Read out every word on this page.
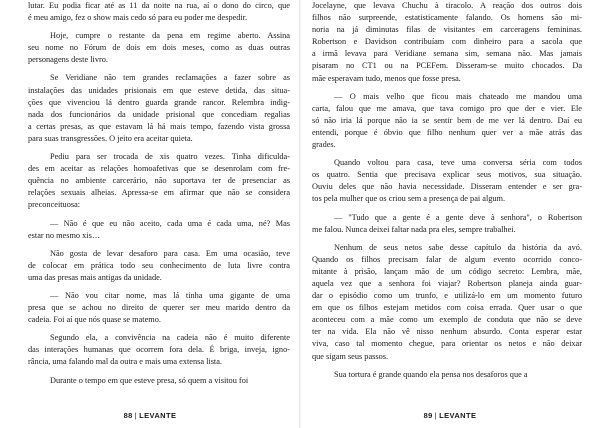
lutar. Eu podia ficar até as 11 da noite na rua, aí o dono do circo, que
é meu amigo, fez o show mais cedo só para eu poder me despedir.
Hoje, cumpre o restante da pena em regime aberto. Assina
seu nome no Fórum de dois em dois meses, como as duas outras
personagens deste livro.
Se Veridiane não tem grandes reclamações a fazer sobre as
instalações das unidades prisionais em que esteve detida, das situa-
ções que vivenciou lá dentro guarda grande rancor. Relembra indig-
nada dos funcionários da unidade prisional que concediam regalias
a certas presas, as que estavam lá há mais tempo, fazendo vista grossa
para suas transgressões. O jeito era aceitar quieta.
Pediu para ser trocada de xis quatro vezes. Tinha dificulda-
des em aceitar as relações homoafetivas que se desenrolam com fre-
quência no ambiente carcerário, não suportava ter de presenciar as
relações sexuais alheias. Apressa-se em afirmar que não se considera
preconceituosa:
— Não é que eu não aceito, cada uma é cada uma, né? Mas
estar no mesmo xis…
Não gosta de levar desaforo para casa. Em uma ocasião, teve
de colocar em prática todo seu conhecimento de luta livre contra
uma das presas mais antigas da unidade.
— Não vou citar nome, mas lá tinha uma gigante de uma
presa que se achou no direito de querer ser meu marido dentro da
cadeia. Foi aí que nós quase se matemo.
Segundo ela, a convivência na cadeia não é muito diferente
das interações humanas que ocorrem fora dela. É briga, inveja, igno-
rância, uma falando mal da outra e mais uma extensa lista.
Durante o tempo em que esteve presa, só quem a visitou foi
88 | LEVANTE
Jocelayne, que levava Chuchu à tiracolo. A reação dos outros dois
filhos não surpreende, estatisticamente falando. Os homens são mi-
noria na já diminutas filas de visitantes em carceragens femininas.
Robertson e Davidson contribuíam com dinheiro para a sacola que
a irmã levava para Veridiane semana sim, semana não. Mas jamais
pisaram no CT1 ou na PCEFem. Disseram-se muito chocados. Da
mãe esperavam tudo, menos que fosse presa.
— O mais velho que ficou mais chateado me mandou uma
carta, falou que me amava, que tava comigo pro que der e vier. Ele
só não iria lá porque não ia se sentir bem de me ver lá dentro. Daí eu
entendi, porque é óbvio que filho nenhum quer ver a mãe atrás das
grades.
Quando voltou para casa, teve uma conversa séria com todos
os quatro. Sentia que precisava explicar seus motivos, sua situação.
Ouviu deles que não havia necessidade. Disseram entender e ser gra-
tos pela mulher que os criou sem a presença de pai algum.
— "Tudo que a gente é a gente deve à senhora", o Robertson
me falou. Nunca deixei faltar nada pra eles, sempre trabalhei.
Nenhum de seus netos sabe desse capítulo da história da avó.
Quando os filhos precisam falar de algum evento ocorrido conco-
mitante à prisão, lançam mão de um código secreto: Lembra, mãe,
aquela vez que a senhora foi viajar? Robertson planeja ainda guar-
dar o episódio como um trunfo, e utilizá-lo em um momento futuro
em que os filhos estejam metidos com coisa errada. Quer usar o que
aconteceu com a mãe como um exemplo de conduta que não se deve
ter na vida. Ela não vê nisso nenhum absurdo. Conta esperar estar
viva, caso tal momento chegue, para orientar os netos e não deixar
que sigam seus passos.
Sua tortura é grande quando ela pensa nos desaforos que a
89 | LEVANTE
